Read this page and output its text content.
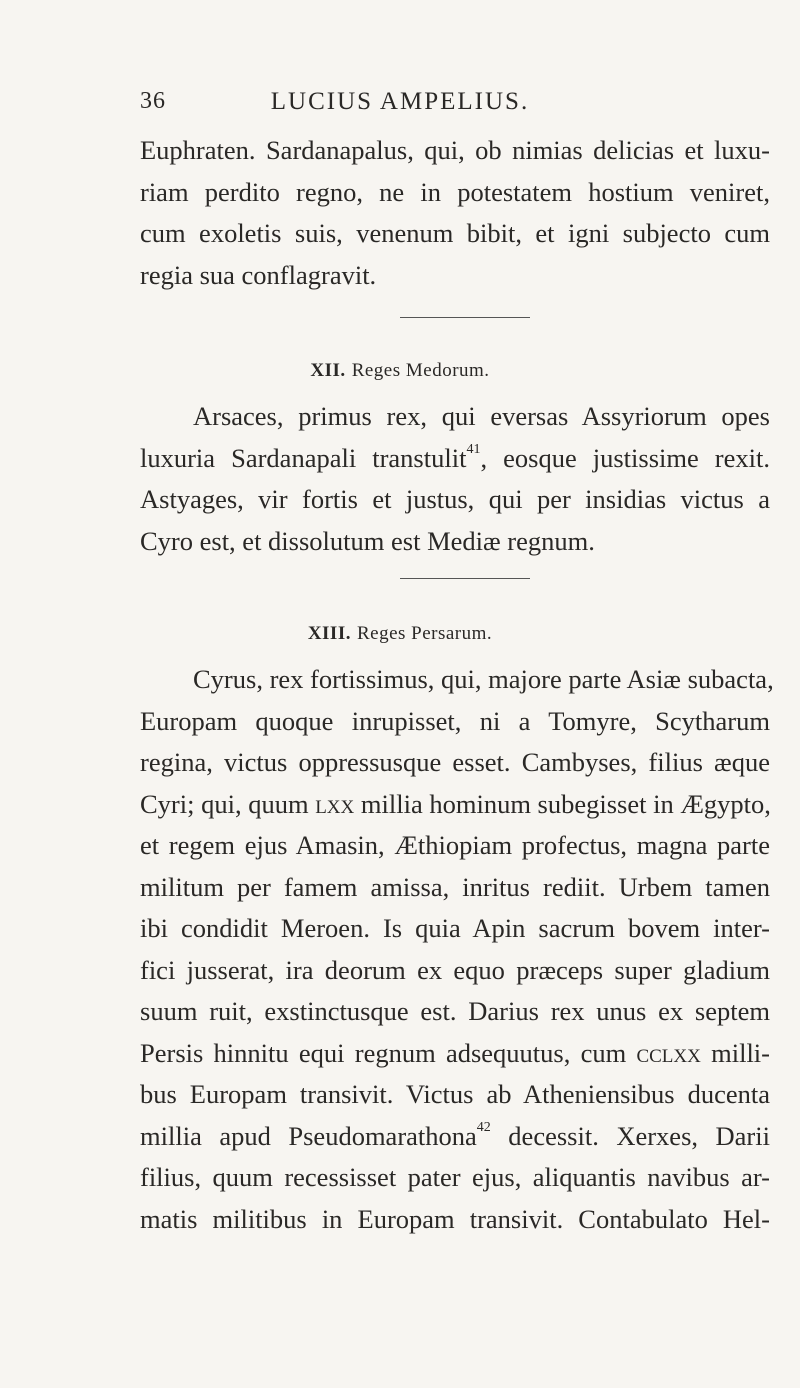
36	LUCIUS AMPELIUS.
Euphraten. Sardanapalus, qui, ob nimias delicias et luxu-
riam perdito regno, ne in potestatem hostium veniret,
cum exoletis suis, venenum bibit, et igni subjecto cum
regia sua conflagravit.
XII. Reges Medorum.
Arsaces, primus rex, qui eversas Assyriorum opes
luxuria Sardanapali transtulit$^{41}$, eosque justissime rexit.
Astyages, vir fortis et justus, qui per insidias victus a
Cyro est, et dissolutum est Mediæ regnum.
XIII. Reges Persarum.
Cyrus, rex fortissimus, qui, majore parte Asiæ subacta,
Europam quoque inrupisset, ni a Tomyre, Scytharum
regina, victus oppressusque esset. Cambyses, filius æque
Cyri; qui, quum lxx millia hominum subegisset in Ægypto,
et regem ejus Amasin, Æthiopiam profectus, magna parte
militum per famem amissa, inritus rediit. Urbem tamen
ibi condidit Meroen. Is quia Apin sacrum bovem inter-
fici jusserat, ira deorum ex equo præceps super gladium
suum ruit, exstinctusque est. Darius rex unus ex septem
Persis hinnitu equi regnum adsequutus, cum cclxx milli-
bus Europam transivit. Victus ab Atheniensibus ducenta
millia apud Pseudomarathona$^{42}$ decessit. Xerxes, Darii
filius, quum recessisset pater ejus, aliquantis navibus ar-
matis militibus in Europam transivit. Contabulato Hel-
